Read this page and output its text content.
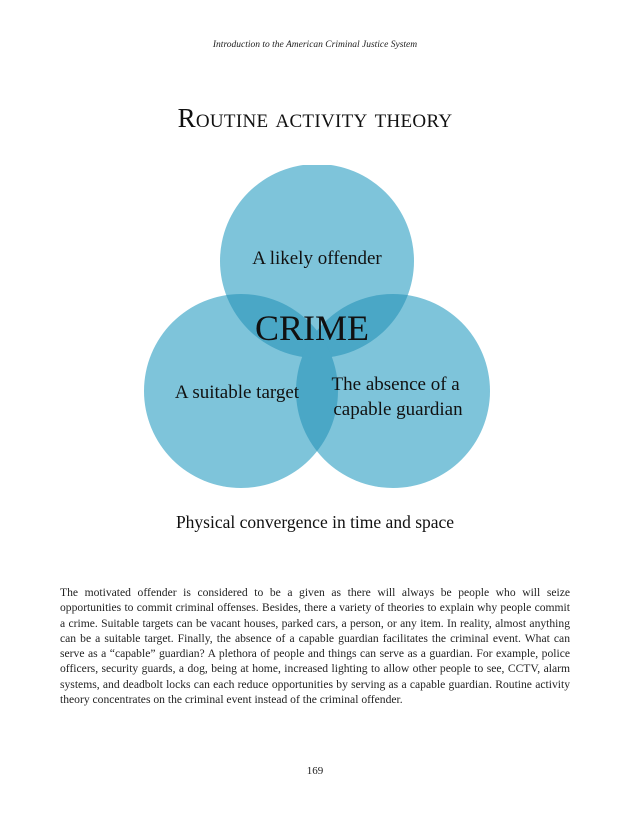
Introduction to the American Criminal Justice System
Routine activity theory
A likely offender
CRIME
A suitable target The absence of a capable guardian
Physical convergence in time and space

The motivated offender is considered to be a given as there will always be people who will seize opportunities to commit criminal offenses. Besides, there a variety of theories to explain why people commit a crime. Suitable targets can be vacant houses, parked cars, a person, or any item. In reality, almost anything can be a suitable target. Finally, the absence of a capable guardian facilitates the criminal event. What can serve as a “capable” guardian? A plethora of people and things can serve as a guardian. For example, police officers, security guards, a dog, being at home, increased lighting to allow other people to see, CCTV, alarm systems, and deadbolt locks can each reduce opportunities by serving as a capable guardian. Routine activity theory concentrates on the criminal event instead of the criminal offender.

169
